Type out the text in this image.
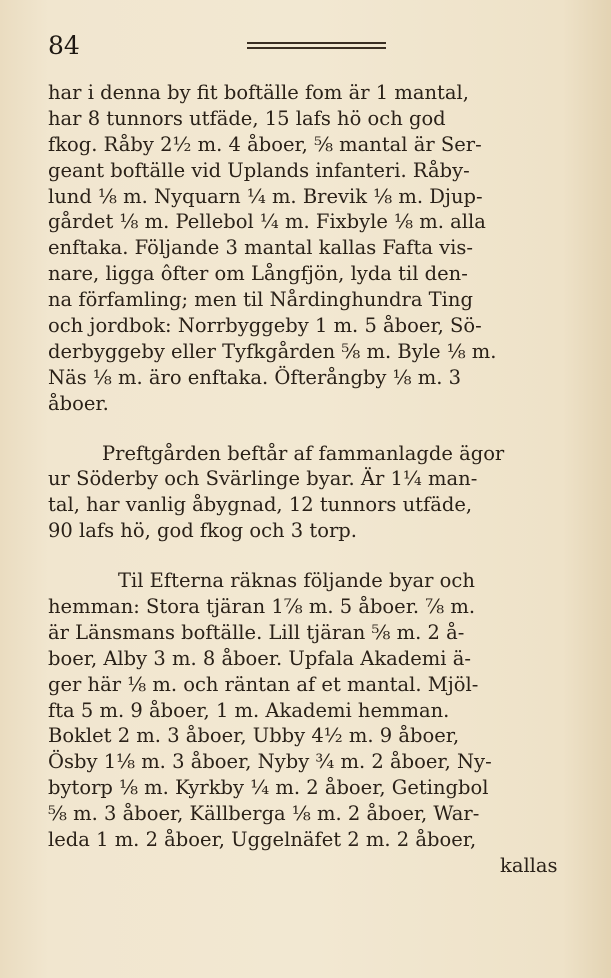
84
har i denna by fit boftälle fom är 1 mantal,
har 8 tunnors utfäde, 15 lafs hö och god
fkog. Råby 2½ m. 4 åboer, ⅝ mantal är Ser-
geant boftälle vid Uplands infanteri. Råby-
lund ⅛ m. Nyquarn ¼ m. Brevik ⅛ m. Djup-
gårdet ⅛ m. Pellebol ¼ m. Fixbyle ⅛ m. alla
enftaka. Följande 3 mantal kallas Fafta vis-
nare, ligga ôfter om Långfjön, lyda til den-
na förfamling; men til Nårdinghundra Ting
och jordbok: Norrbyggeby 1 m. 5 åboer, Sö-
derbyggeby eller Tyfkgården ⅝ m. Byle ⅛ m.
Näs ⅛ m. äro enftaka. Öfterångby ⅛ m. 3
åboer.
Preftgården beftår af fammanlagde ägor
ur Söderby och Svärlinge byar. Är 1¼ man-
tal, har vanlig åbygnad, 12 tunnors utfäde,
90 lafs hö, god fkog och 3 torp.
Til Efterna räknas följande byar och
hemman: Stora tjäran 1⅞ m. 5 åboer. ⅞ m.
är Länsmans boftälle. Lill tjäran ⅝ m. 2 å-
boer, Alby 3 m. 8 åboer. Upfala Akademi ä-
ger här ⅛ m. och räntan af et mantal. Mjöl-
fta 5 m. 9 åboer, 1 m. Akademi hemman.
Boklet 2 m. 3 åboer, Ubby 4½ m. 9 åboer,
Ösby 1⅛ m. 3 åboer, Nyby ¾ m. 2 åboer, Ny-
bytorp ⅛ m. Kyrkby ¼ m. 2 åboer, Getingbol
⅝ m. 3 åboer, Källberga ⅛ m. 2 åboer, War-
leda 1 m. 2 åboer, Uggelnäfet 2 m. 2 åboer,
kallas
